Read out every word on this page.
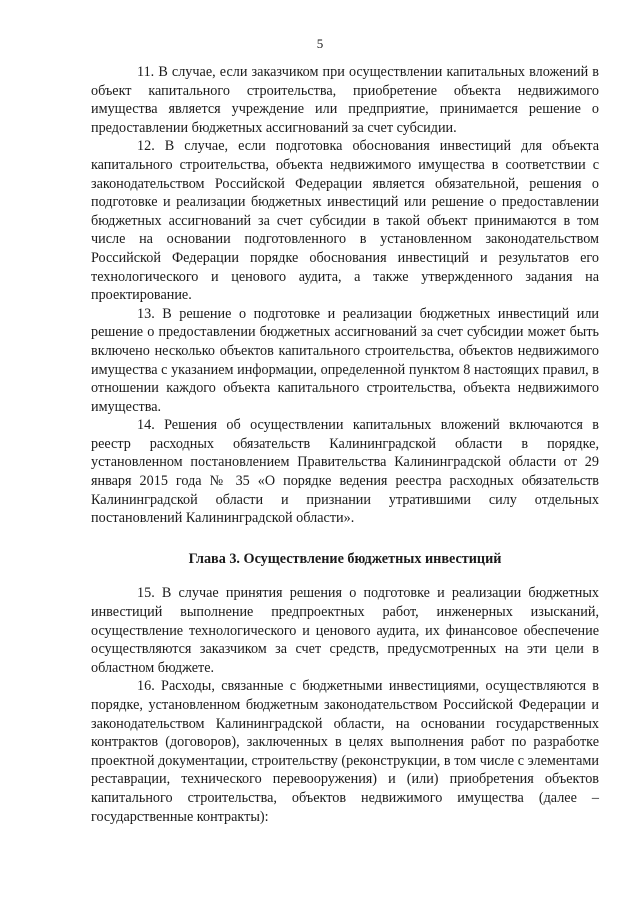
5

11. В случае, если заказчиком при осуществлении капитальных вложений в объект капитального строительства, приобретение объекта недвижимого имущества является учреждение или предприятие, принимается решение о предоставлении бюджетных ассигнований за счет субсидии.

12. В случае, если подготовка обоснования инвестиций для объекта капитального строительства, объекта недвижимого имущества в соответствии с законодательством Российской Федерации является обязательной, решения о подготовке и реализации бюджетных инвестиций или решение о предоставлении бюджетных ассигнований за счет субсидии в такой объект принимаются в том числе на основании подготовленного в установленном законодательством Российской Федерации порядке обоснования инвестиций и результатов его технологического и ценового аудита, а также утвержденного задания на проектирование.

13. В решение о подготовке и реализации бюджетных инвестиций или решение о предоставлении бюджетных ассигнований за счет субсидии может быть включено несколько объектов капитального строительства, объектов недвижимого имущества с указанием информации, определенной пунктом 8 настоящих правил, в отношении каждого объекта капитального строительства, объекта недвижимого имущества.

14. Решения об осуществлении капитальных вложений включаются в реестр расходных обязательств Калининградской области в порядке, установленном постановлением Правительства Калининградской области от 29 января 2015 года № 35 «О порядке ведения реестра расходных обязательств Калининградской области и признании утратившими силу отдельных постановлений Калининградской области».

Глава 3. Осуществление бюджетных инвестиций

15. В случае принятия решения о подготовке и реализации бюджетных инвестиций выполнение предпроектных работ, инженерных изысканий, осуществление технологического и ценового аудита, их финансовое обеспечение осуществляются заказчиком за счет средств, предусмотренных на эти цели в областном бюджете.

16. Расходы, связанные с бюджетными инвестициями, осуществляются в порядке, установленном бюджетным законодательством Российской Федерации и законодательством Калининградской области, на основании государственных контрактов (договоров), заключенных в целях выполнения работ по разработке проектной документации, строительству (реконструкции, в том числе с элементами реставрации, технического перевооружения) и (или) приобретения объектов капитального строительства, объектов недвижимого имущества (далее – государственные контракты):
